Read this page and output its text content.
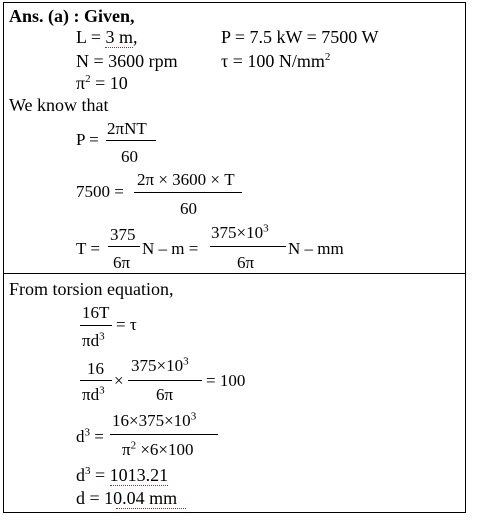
Ans. (a) : Given,
L = 3 m,	P = 7.5 kW = 7500 W
N = 3600 rpm τ = 100 $N/mm^2$
$\pi^2 = 10$
We know that
P =
2πNT
60
7500 =
2π × 3600 × T
60
T =
375
6π
N – m =
$375\times 10^3$
6π
N – mm
From torsion equation,
16T
$\pi d^3$
= τ
16
$\pi d^3$
×
$375\times 10^3$
6π
= 100
$d^3$ =
$16\times 375\times 10^3$
$\pi^2 \times 6\times 100$
$d^3 = 1013.21$
d = 10.04 mm
